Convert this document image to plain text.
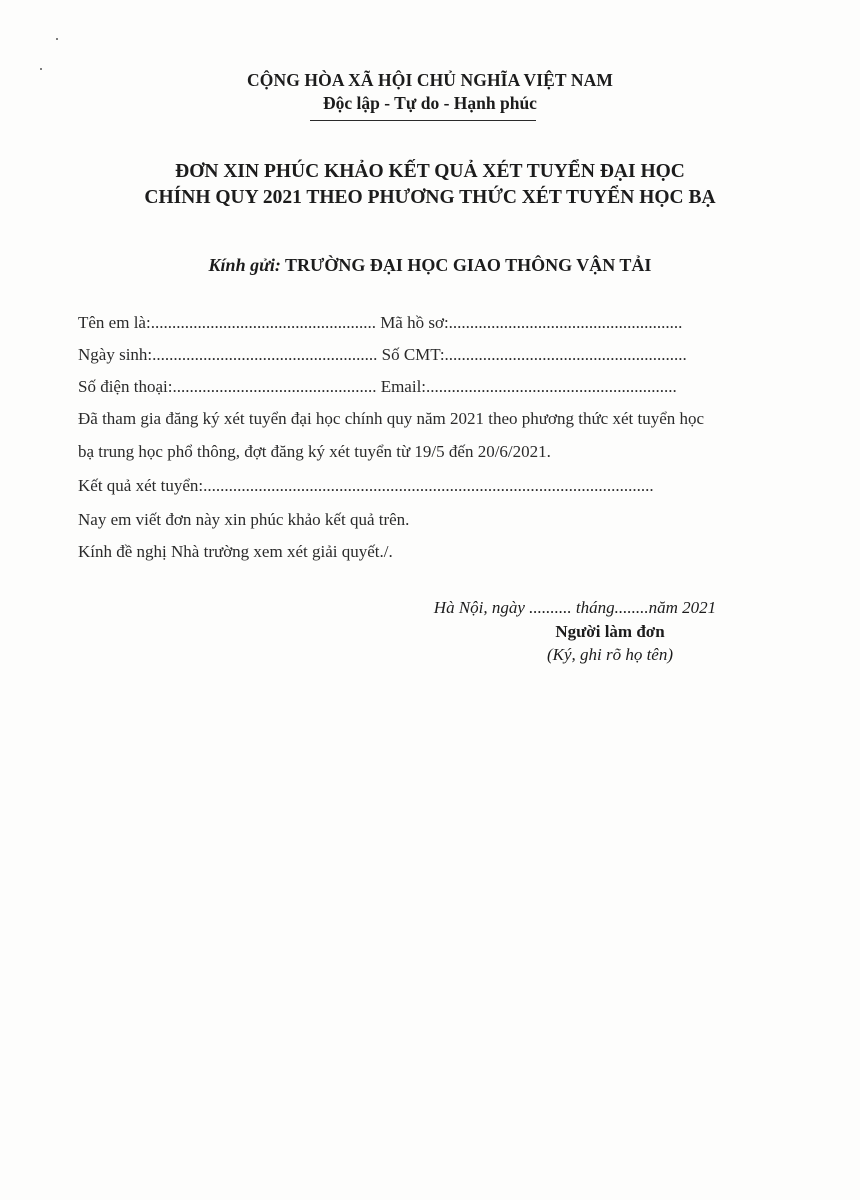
CỘNG HÒA XÃ HỘI CHỦ NGHĨA VIỆT NAM
Độc lập - Tự do - Hạnh phúc
ĐƠN XIN PHÚC KHẢO KẾT QUẢ XÉT TUYỂN ĐẠI HỌC
CHÍNH QUY 2021 THEO PHƯƠNG THỨC XÉT TUYỂN HỌC BẠ
Kính gửi: TRƯỜNG ĐẠI HỌC GIAO THÔNG VẬN TẢI
Tên em là:..................................................... Mã hồ sơ:.......................................................
Ngày sinh:..................................................... Số CMT:.........................................................
Số điện thoại:................................................ Email:...........................................................
Đã tham gia đăng ký xét tuyển đại học chính quy năm 2021 theo phương thức xét tuyển học
bạ trung học phổ thông, đợt đăng ký xét tuyển từ 19/5 đến 20/6/2021.
Kết quả xét tuyển:..........................................................................................................
Nay em viết đơn này xin phúc khảo kết quả trên.
Kính đề nghị Nhà trường xem xét giải quyết./.
Hà Nội, ngày .......... tháng........năm 2021
Người làm đơn
(Ký, ghi rõ họ tên)
